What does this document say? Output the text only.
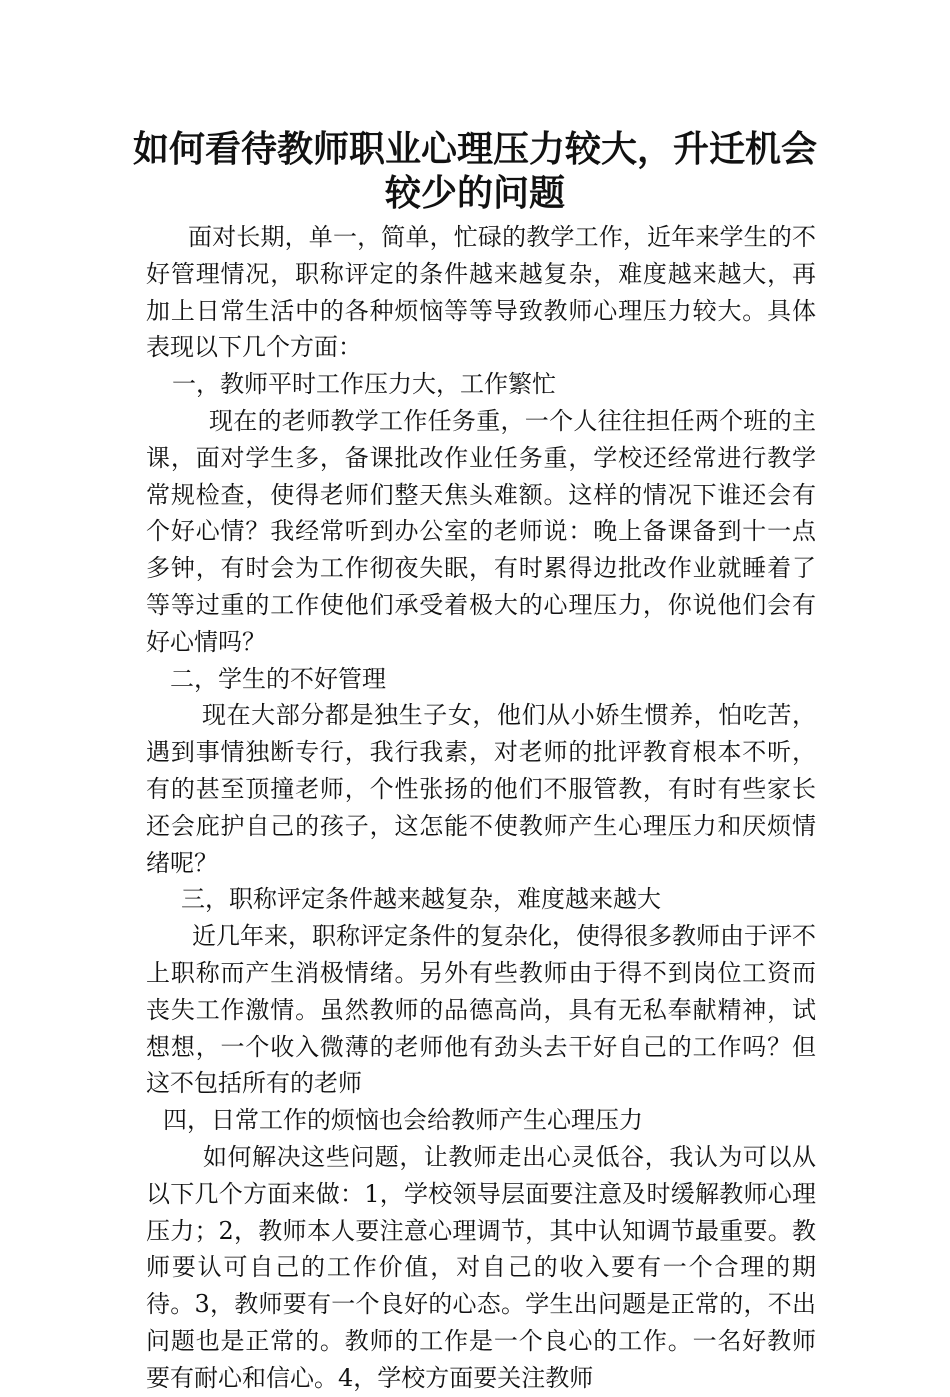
如何看待教师职业心理压力较大，升迁机会
较少的问题

面对长期，单一，简单，忙碌的教学工作，近年来学生的不好管理情况，职称评定的条件越来越复杂，难度越来越大，再加上日常生活中的各种烦恼等等导致教师心理压力较大。具体表现以下几个方面：

一，教师平时工作压力大，工作繁忙

现在的老师教学工作任务重，一个人往往担任两个班的主课，面对学生多，备课批改作业任务重，学校还经常进行教学常规检查，使得老师们整天焦头难额。这样的情况下谁还会有个好心情？我经常听到办公室的老师说：晚上备课备到十一点多钟，有时会为工作彻夜失眠，有时累得边批改作业就睡着了等等过重的工作使他们承受着极大的心理压力，你说他们会有好心情吗？

二，学生的不好管理

现在大部分都是独生子女，他们从小娇生惯养，怕吃苦，遇到事情独断专行，我行我素，对老师的批评教育根本不听，有的甚至顶撞老师，个性张扬的他们不服管教，有时有些家长还会庇护自己的孩子，这怎能不使教师产生心理压力和厌烦情绪呢？

三，职称评定条件越来越复杂，难度越来越大

近几年来，职称评定条件的复杂化，使得很多教师由于评不上职称而产生消极情绪。另外有些教师由于得不到岗位工资而丧失工作激情。虽然教师的品德高尚，具有无私奉献精神，试想想，一个收入微薄的老师他有劲头去干好自己的工作吗？但这不包括所有的老师

四，日常工作的烦恼也会给教师产生心理压力

如何解决这些问题，让教师走出心灵低谷，我认为可以从以下几个方面来做：1，学校领导层面要注意及时缓解教师心理压力；2，教师本人要注意心理调节，其中认知调节最重要。教师要认可自己的工作价值，对自己的收入要有一个合理的期待。3，教师要有一个良好的心态。学生出问题是正常的，不出问题也是正常的。教师的工作是一个良心的工作。一名好教师要有耐心和信心。4，学校方面要关注教师
